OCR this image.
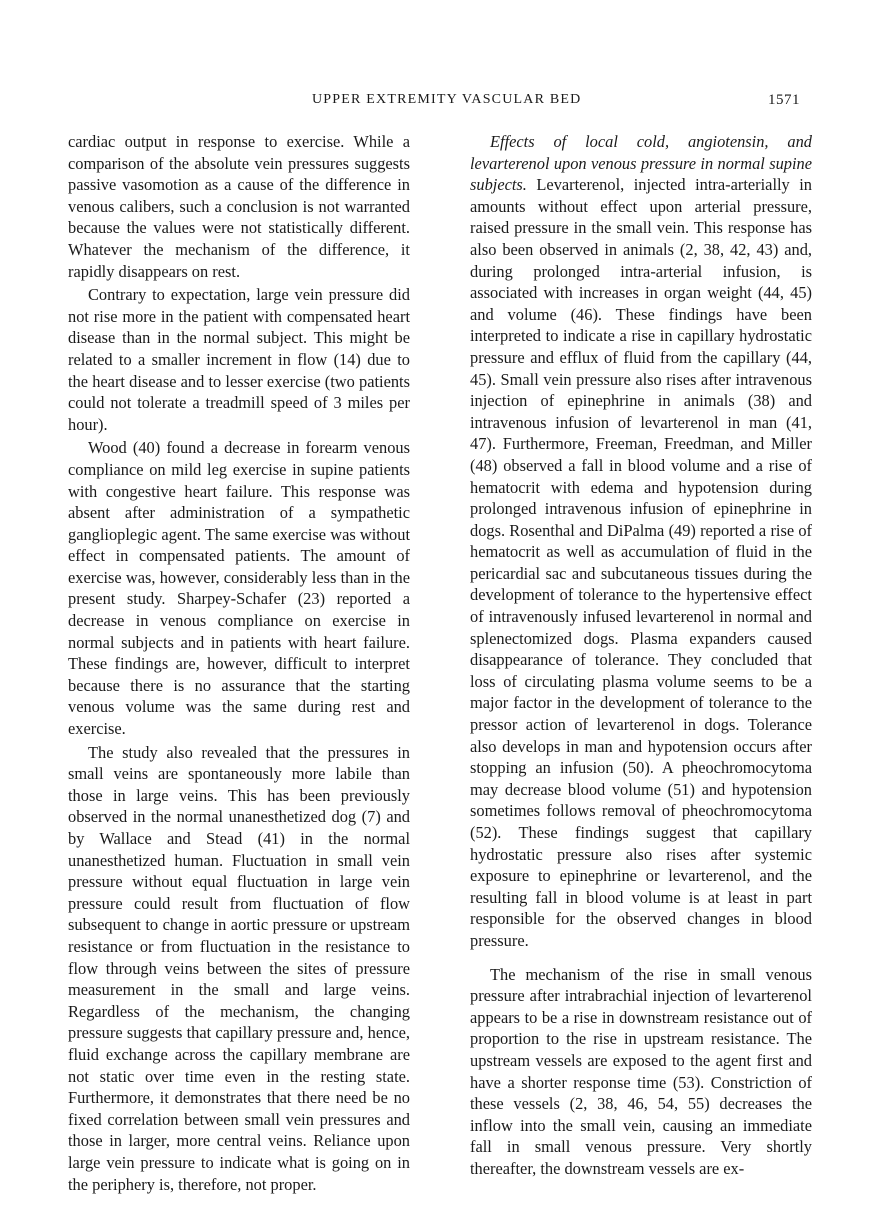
UPPER EXTREMITY VASCULAR BED	1571

cardiac output in response to exercise. While a comparison of the absolute vein pressures suggests passive vasomotion as a cause of the difference in venous calibers, such a conclusion is not warranted because the values were not statistically different. Whatever the mechanism of the difference, it rapidly disappears on rest.

Contrary to expectation, large vein pressure did not rise more in the patient with compensated heart disease than in the normal subject. This might be related to a smaller increment in flow (14) due to the heart disease and to lesser exercise (two patients could not tolerate a treadmill speed of 3 miles per hour).

Wood (40) found a decrease in forearm venous compliance on mild leg exercise in supine patients with congestive heart failure. This response was absent after administration of a sympathetic ganglioplegic agent. The same exercise was without effect in compensated patients. The amount of exercise was, however, considerably less than in the present study. Sharpey-Schafer (23) reported a decrease in venous compliance on exercise in normal subjects and in patients with heart failure. These findings are, however, difficult to interpret because there is no assurance that the starting venous volume was the same during rest and exercise.

The study also revealed that the pressures in small veins are spontaneously more labile than those in large veins. This has been previously observed in the normal unanesthetized dog (7) and by Wallace and Stead (41) in the normal unanesthetized human. Fluctuation in small vein pressure without equal fluctuation in large vein pressure could result from fluctuation of flow subsequent to change in aortic pressure or upstream resistance or from fluctuation in the resistance to flow through veins between the sites of pressure measurement in the small and large veins. Regardless of the mechanism, the changing pressure suggests that capillary pressure and, hence, fluid exchange across the capillary membrane are not static over time even in the resting state. Furthermore, it demonstrates that there need be no fixed correlation between small vein pressures and those in larger, more central veins. Reliance upon large vein pressure to indicate what is going on in the periphery is, therefore, not proper.

Effects of local cold, angiotensin, and levarterenol upon venous pressure in normal supine subjects. Levarterenol, injected intra-arterially in amounts without effect upon arterial pressure, raised pressure in the small vein. This response has also been observed in animals (2, 38, 42, 43) and, during prolonged intra-arterial infusion, is associated with increases in organ weight (44, 45) and volume (46). These findings have been interpreted to indicate a rise in capillary hydrostatic pressure and efflux of fluid from the capillary (44, 45). Small vein pressure also rises after intravenous injection of epinephrine in animals (38) and intravenous infusion of levarterenol in man (41, 47). Furthermore, Freeman, Freedman, and Miller (48) observed a fall in blood volume and a rise of hematocrit with edema and hypotension during prolonged intravenous infusion of epinephrine in dogs. Rosenthal and DiPalma (49) reported a rise of hematocrit as well as accumulation of fluid in the pericardial sac and subcutaneous tissues during the development of tolerance to the hypertensive effect of intravenously infused levarterenol in normal and splenectomized dogs. Plasma expanders caused disappearance of tolerance. They concluded that loss of circulating plasma volume seems to be a major factor in the development of tolerance to the pressor action of levarterenol in dogs. Tolerance also develops in man and hypotension occurs after stopping an infusion (50). A pheochromocytoma may decrease blood volume (51) and hypotension sometimes follows removal of pheochromocytoma (52). These findings suggest that capillary hydrostatic pressure also rises after systemic exposure to epinephrine or levarterenol, and the resulting fall in blood volume is at least in part responsible for the observed changes in blood pressure.

The mechanism of the rise in small venous pressure after intrabrachial injection of levarterenol appears to be a rise in downstream resistance out of proportion to the rise in upstream resistance. The upstream vessels are exposed to the agent first and have a shorter response time (53). Constriction of these vessels (2, 38, 46, 54, 55) decreases the inflow into the small vein, causing an immediate fall in small venous pressure. Very shortly thereafter, the downstream vessels are ex-
